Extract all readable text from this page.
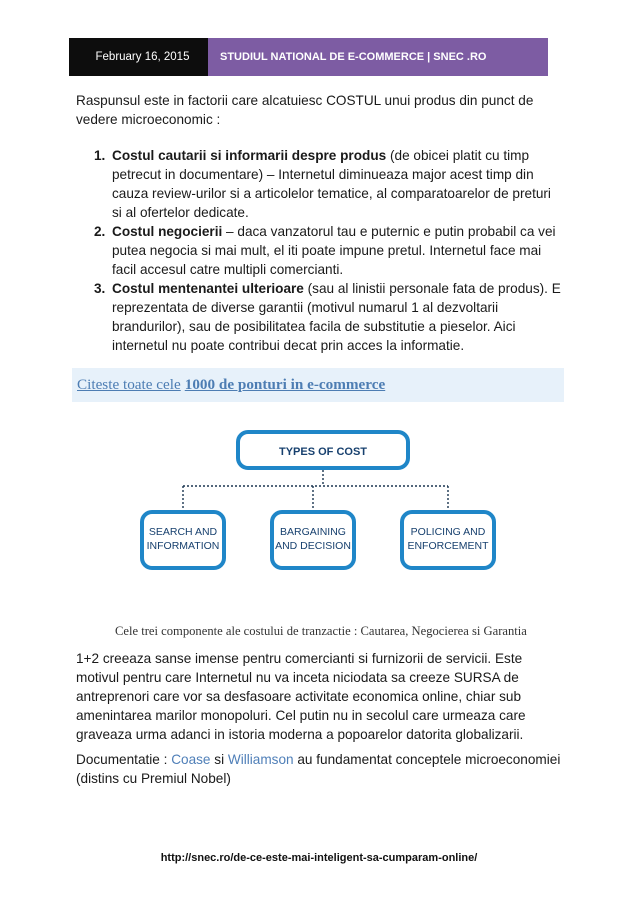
February 16, 2015	STUDIUL NATIONAL DE E-COMMERCE | SNEC .RO

Raspunsul este in factorii care alcatuiesc COSTUL unui produs din punct de vedere microeconomic :

1. Costul cautarii si informarii despre produs (de obicei platit cu timp petrecut in documentare) – Internetul diminueaza major acest timp din cauza review-urilor si a articolelor tematice, al comparatoarelor de preturi si al ofertelor dedicate.
2. Costul negocierii – daca vanzatorul tau e puternic e putin probabil ca vei putea negocia si mai mult, el iti poate impune pretul. Internetul face mai facil accesul catre multipli comercianti.
3. Costul mentenantei ulterioare (sau al linistii personale fata de produs). E reprezentata de diverse garantii (motivul numarul 1 al dezvoltarii brandurilor), sau de posibilitatea facila de substitutie a pieselor. Aici internetul nu poate contribui decat prin acces la informatie.
Citeste toate cele 1000 de ponturi in e-commerce
TYPES OF COST
SEARCH AND
INFORMATION
BARGAINING
AND DECISION
POLICING AND
ENFORCEMENT
Cele trei componente ale costului de tranzactie : Cautarea, Negocierea si Garantia

1+2 creeaza sanse imense pentru comercianti si furnizorii de servicii. Este motivul pentru care Internetul nu va inceta niciodata sa creeze SURSA de antreprenori care vor sa desfasoare activitate economica online, chiar sub amenintarea marilor monopoluri. Cel putin nu in secolul care urmeaza care graveaza urma adanci in istoria moderna a popoarelor datorita globalizarii.

Documentatie : Coase si Williamson au fundamentat conceptele microeconomiei (distins cu Premiul Nobel)

http://snec.ro/de-ce-este-mai-inteligent-sa-cumparam-online/
